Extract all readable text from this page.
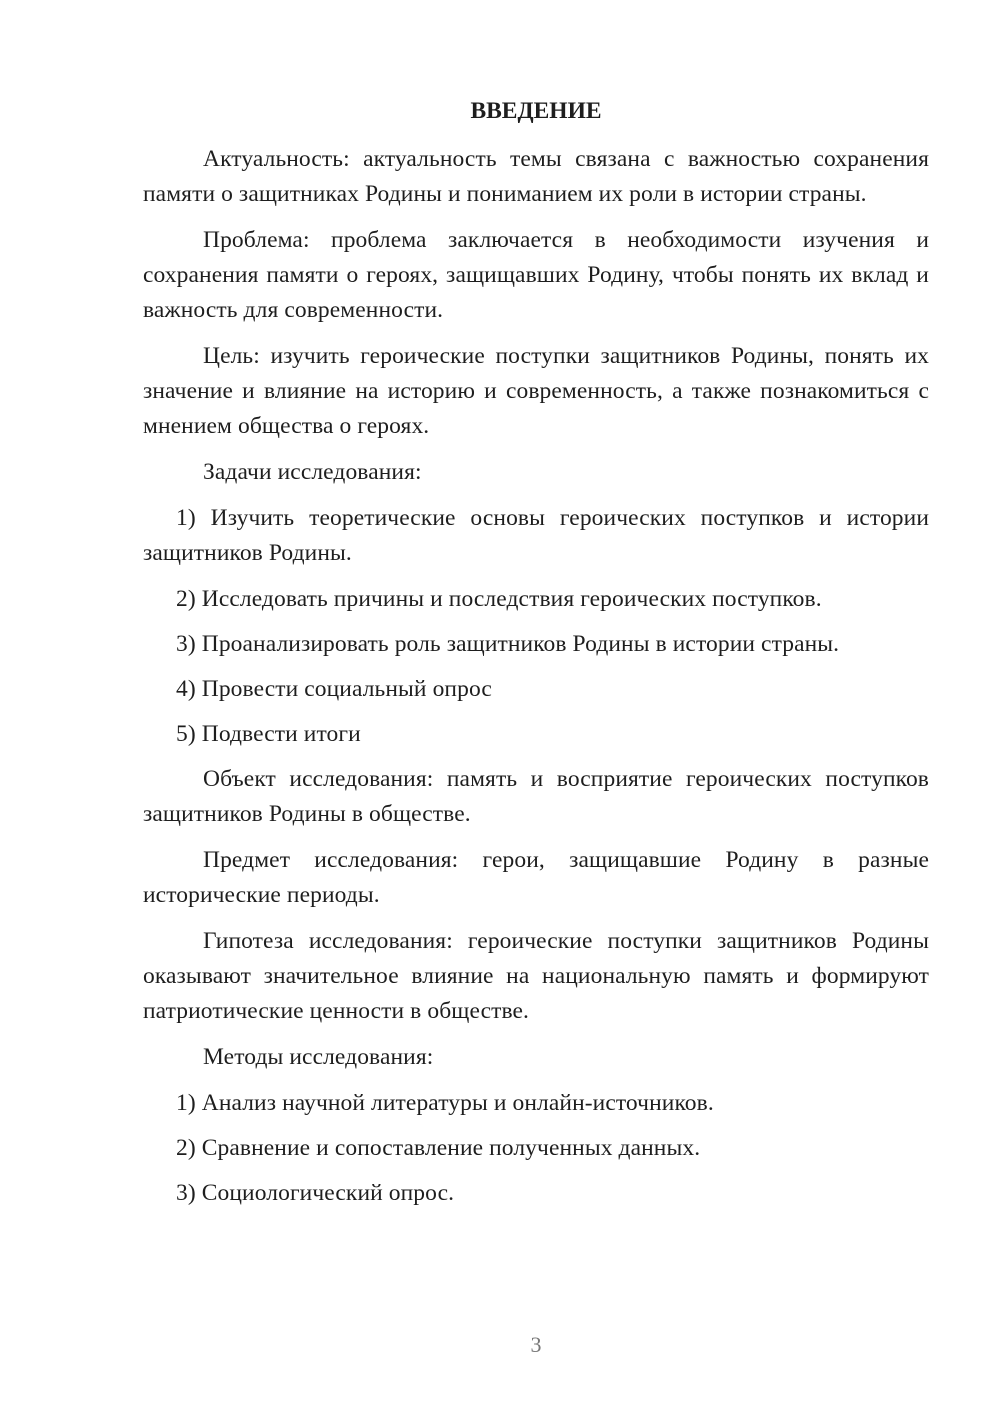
ВВЕДЕНИЕ

Актуальность: актуальность темы связана с важностью сохранения памяти о защитниках Родины и пониманием их роли в истории страны.

Проблема: проблема заключается в необходимости изучения и сохранения памяти о героях, защищавших Родину, чтобы понять их вклад и важность для современности.

Цель: изучить героические поступки защитников Родины, понять их значение и влияние на историю и современность, а также познакомиться с мнением общества о героях.

Задачи исследования:

1) Изучить теоретические основы героических поступков и истории защитников Родины.

2) Исследовать причины и последствия героических поступков.

3) Проанализировать роль защитников Родины в истории страны.

4) Провести социальный опрос

5) Подвести итоги

Объект исследования: память и восприятие героических поступков защитников Родины в обществе.

Предмет исследования: герои, защищавшие Родину в разные исторические периоды.

Гипотеза исследования: героические поступки защитников Родины оказывают значительное влияние на национальную память и формируют патриотические ценности в обществе.

Методы исследования:

1) Анализ научной литературы и онлайн-источников.

2) Сравнение и сопоставление полученных данных.

3) Социологический опрос.

3
